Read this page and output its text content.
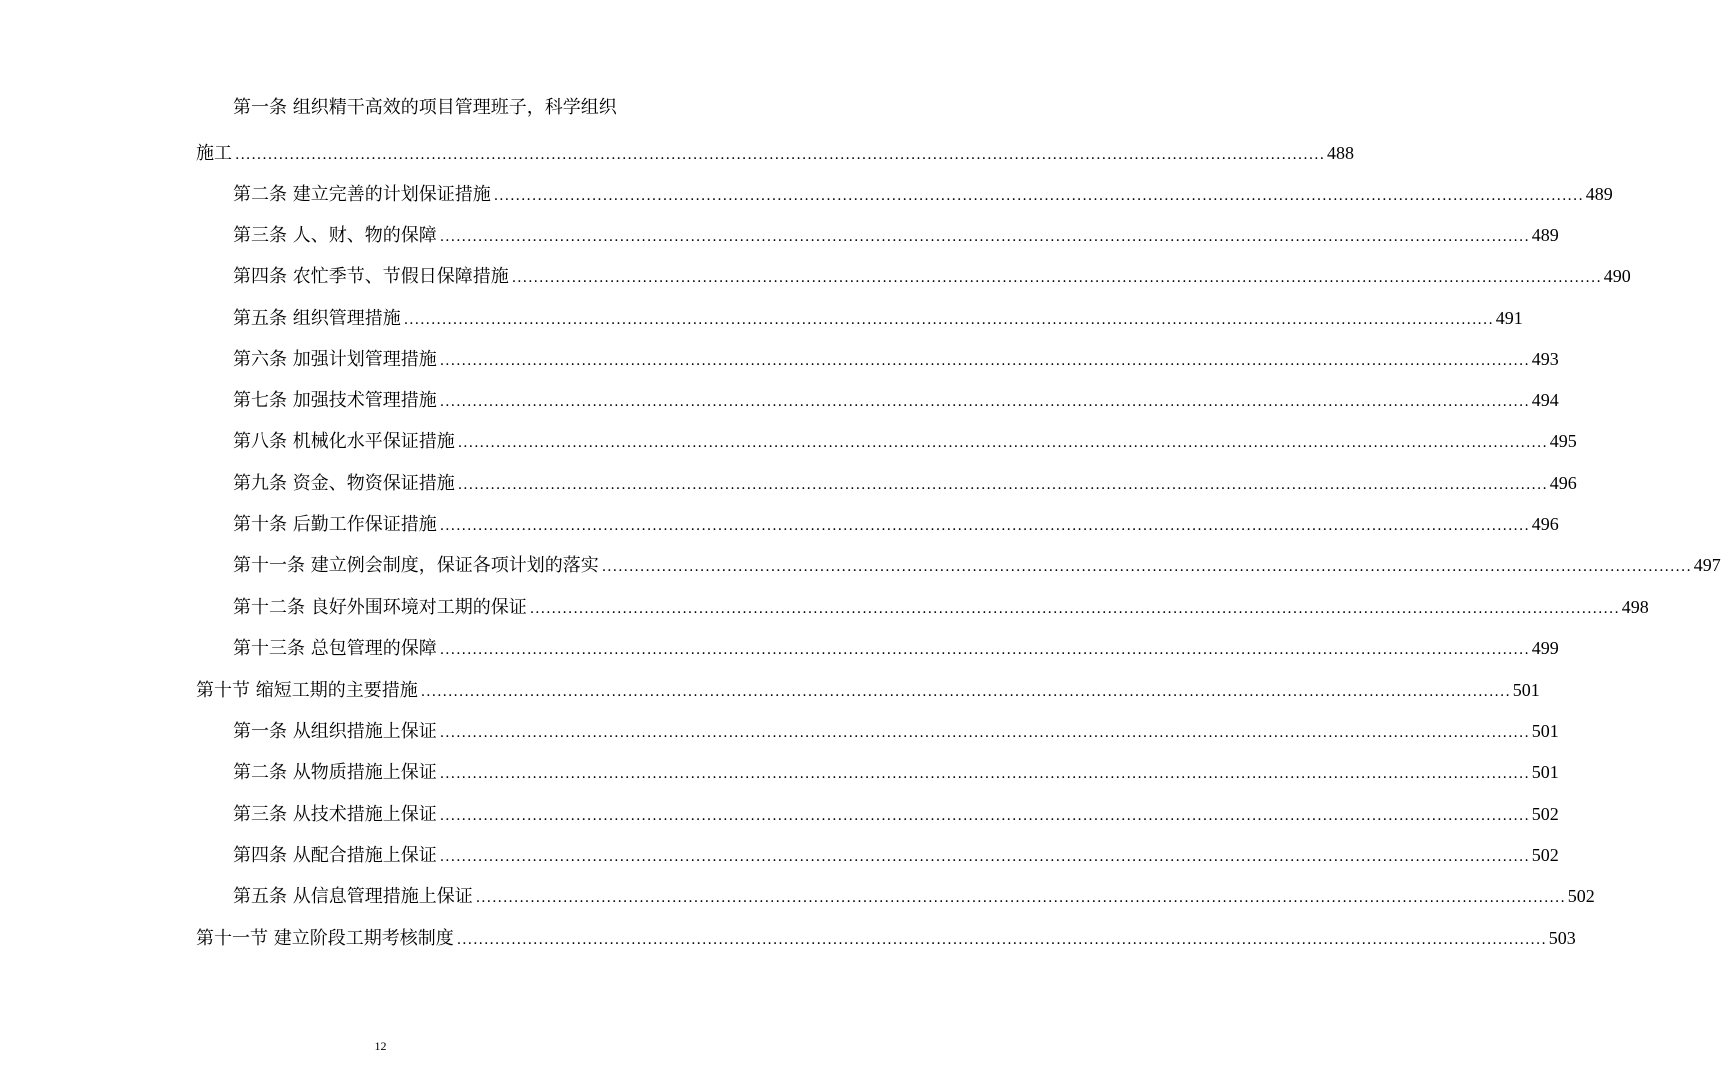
第一条 组织精干高效的项目管理班子，科学组织
施工 ........................................................................................................................................................................................................ 488
第二条 建立完善的计划保证措施 ........................................................................................................................................................................................................ 489
第三条 人、财、物的保障 ........................................................................................................................................................................................................ 489
第四条 农忙季节、节假日保障措施 ........................................................................................................................................................................................................ 490
第五条 组织管理措施 ........................................................................................................................................................................................................ 491
第六条 加强计划管理措施 ........................................................................................................................................................................................................ 493
第七条 加强技术管理措施 ........................................................................................................................................................................................................ 494
第八条 机械化水平保证措施 ........................................................................................................................................................................................................ 495
第九条 资金、物资保证措施 ........................................................................................................................................................................................................ 496
第十条 后勤工作保证措施 ........................................................................................................................................................................................................ 496
第十一条 建立例会制度，保证各项计划的落实 ........................................................................................................................................................................................................ 497
第十二条 良好外围环境对工期的保证 ........................................................................................................................................................................................................ 498
第十三条 总包管理的保障 ........................................................................................................................................................................................................ 499
第十节 缩短工期的主要措施 ........................................................................................................................................................................................................ 501
第一条 从组织措施上保证 ........................................................................................................................................................................................................ 501
第二条 从物质措施上保证 ........................................................................................................................................................................................................ 501
第三条 从技术措施上保证 ........................................................................................................................................................................................................ 502
第四条 从配合措施上保证 ........................................................................................................................................................................................................ 502
第五条 从信息管理措施上保证 ........................................................................................................................................................................................................ 502
第十一节 建立阶段工期考核制度 ........................................................................................................................................................................................................ 503
12
